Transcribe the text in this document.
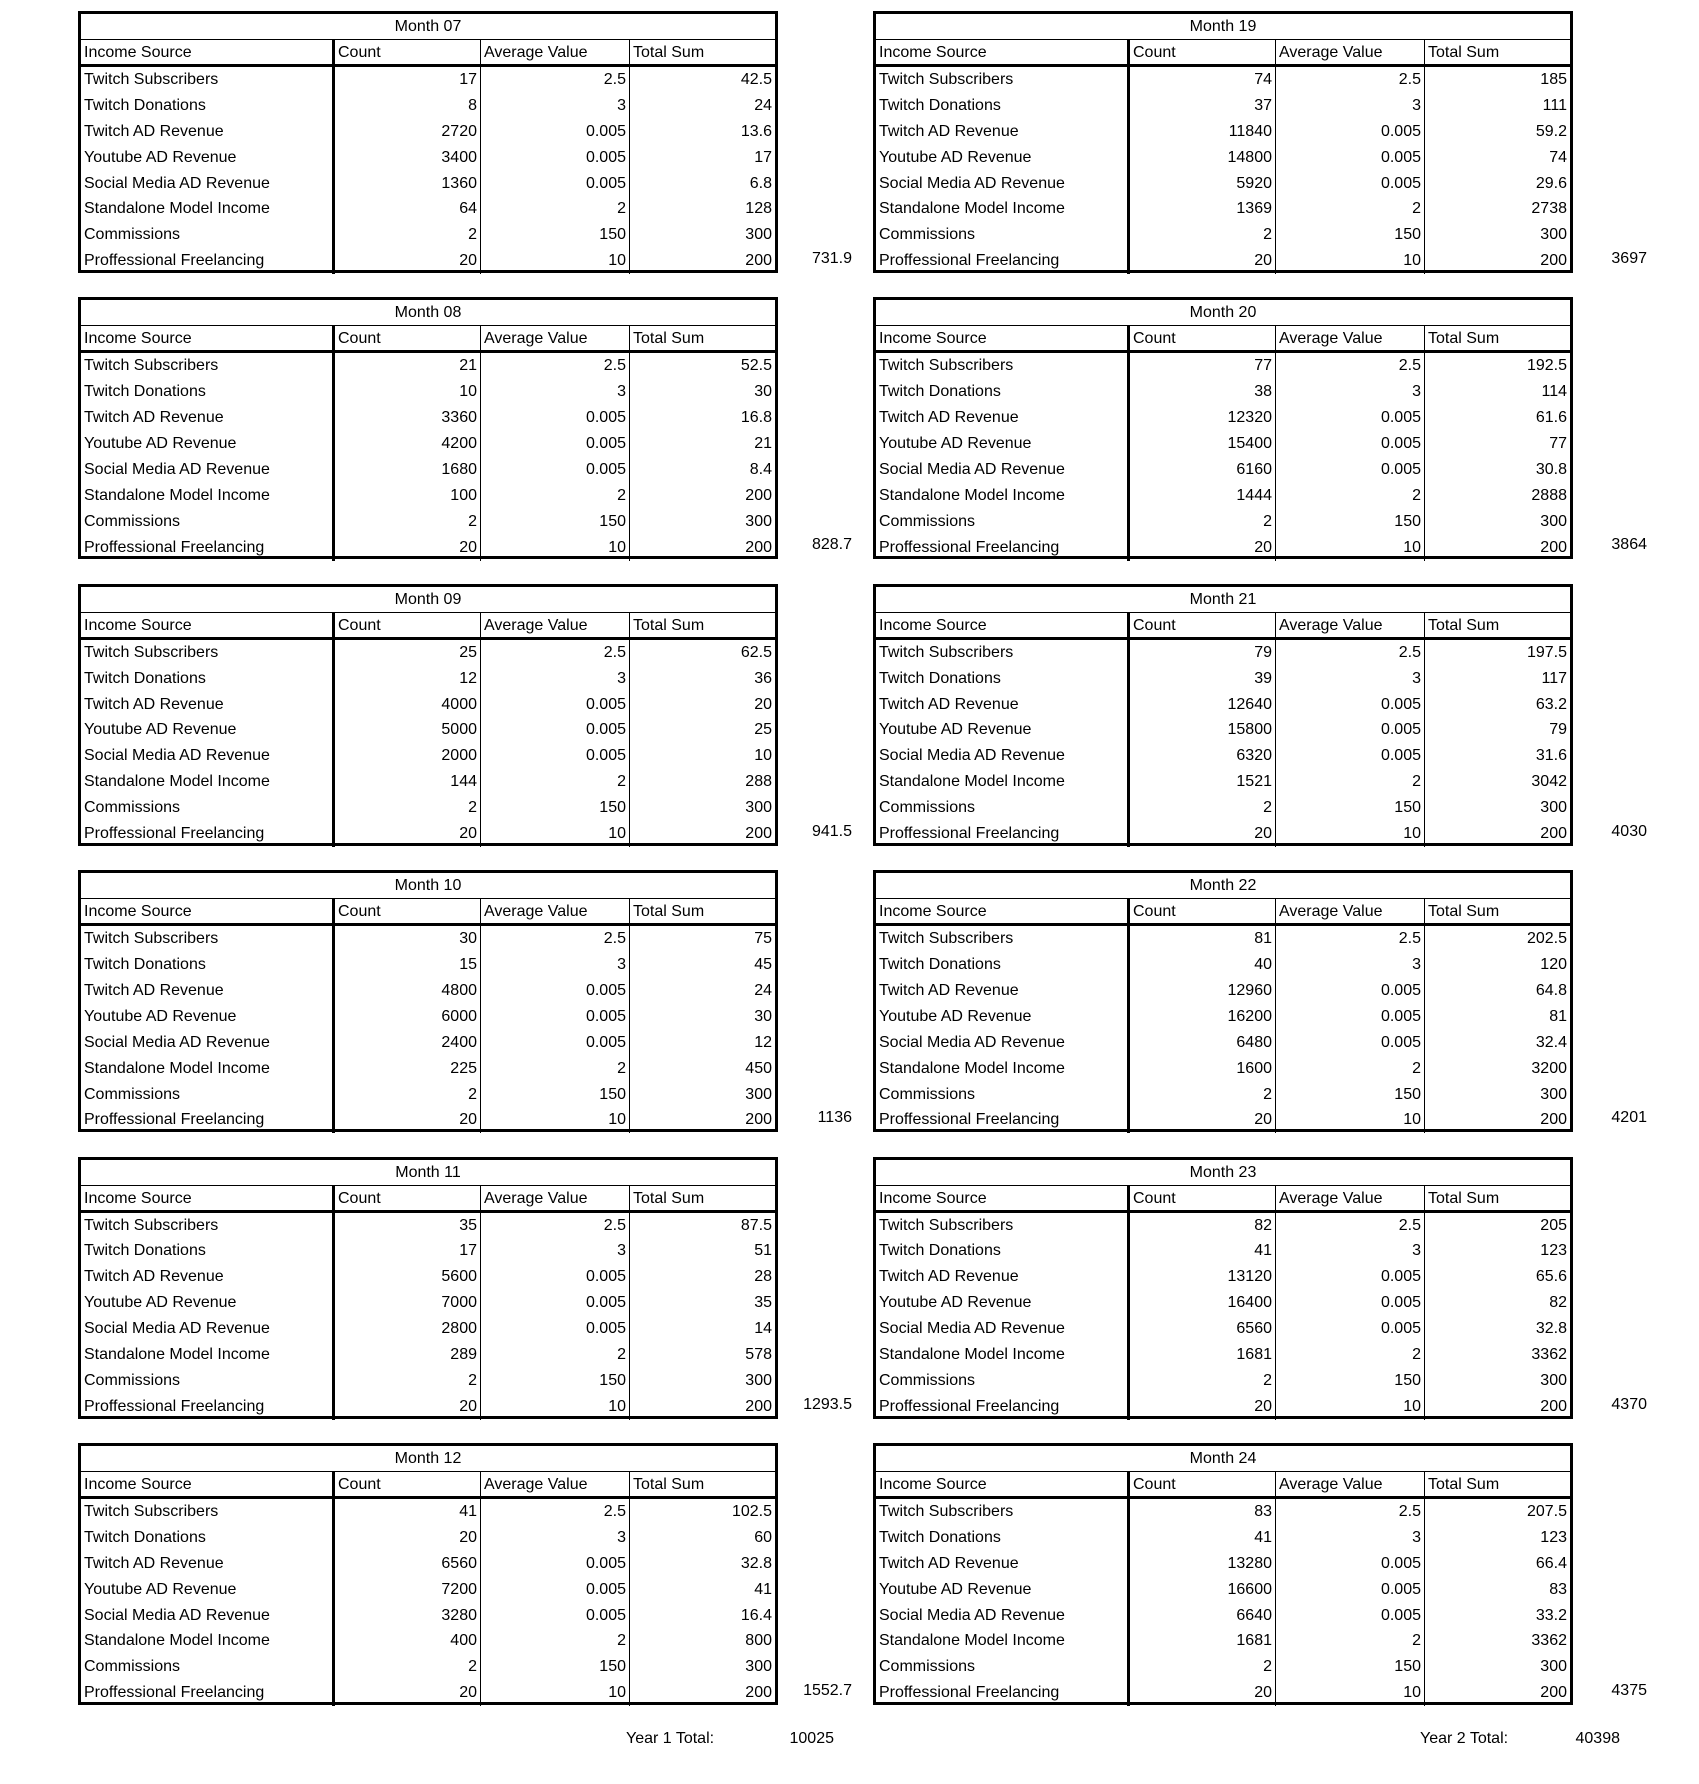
Month 07
Income Source	Count	Average Value	Total Sum
Twitch Subscribers	17	2.5	42.5
Twitch Donations	8	3	24
Twitch AD Revenue	2720	0.005	13.6
Youtube AD Revenue	3400	0.005	17
Social Media AD Revenue	1360	0.005	6.8
Standalone Model Income	64	2	128
Commissions	2	150	300
Proffessional Freelancing	20	10	200	731.9
Month 08
Income Source	Count	Average Value	Total Sum
Twitch Subscribers	21	2.5	52.5
Twitch Donations	10	3	30
Twitch AD Revenue	3360	0.005	16.8
Youtube AD Revenue	4200	0.005	21
Social Media AD Revenue	1680	0.005	8.4
Standalone Model Income	100	2	200
Commissions	2	150	300
Proffessional Freelancing	20	10	200	828.7
Month 09
Income Source	Count	Average Value	Total Sum
Twitch Subscribers	25	2.5	62.5
Twitch Donations	12	3	36
Twitch AD Revenue	4000	0.005	20
Youtube AD Revenue	5000	0.005	25
Social Media AD Revenue	2000	0.005	10
Standalone Model Income	144	2	288
Commissions	2	150	300
Proffessional Freelancing	20	10	200	941.5
Month 10
Income Source	Count	Average Value	Total Sum
Twitch Subscribers	30	2.5	75
Twitch Donations	15	3	45
Twitch AD Revenue	4800	0.005	24
Youtube AD Revenue	6000	0.005	30
Social Media AD Revenue	2400	0.005	12
Standalone Model Income	225	2	450
Commissions	2	150	300
Proffessional Freelancing	20	10	200	1136
Month 11
Income Source	Count	Average Value	Total Sum
Twitch Subscribers	35	2.5	87.5
Twitch Donations	17	3	51
Twitch AD Revenue	5600	0.005	28
Youtube AD Revenue	7000	0.005	35
Social Media AD Revenue	2800	0.005	14
Standalone Model Income	289	2	578
Commissions	2	150	300
Proffessional Freelancing	20	10	200	1293.5
Month 12
Income Source	Count	Average Value	Total Sum
Twitch Subscribers	41	2.5	102.5
Twitch Donations	20	3	60
Twitch AD Revenue	6560	0.005	32.8
Youtube AD Revenue	7200	0.005	41
Social Media AD Revenue	3280	0.005	16.4
Standalone Model Income	400	2	800
Commissions	2	150	300
Proffessional Freelancing	20	10	200	1552.7
Month 19
Income Source	Count	Average Value	Total Sum
Twitch Subscribers	74	2.5	185
Twitch Donations	37	3	111
Twitch AD Revenue	11840	0.005	59.2
Youtube AD Revenue	14800	0.005	74
Social Media AD Revenue	5920	0.005	29.6
Standalone Model Income	1369	2	2738
Commissions	2	150	300
Proffessional Freelancing	20	10	200	3697
Month 20
Income Source	Count	Average Value	Total Sum
Twitch Subscribers	77	2.5	192.5
Twitch Donations	38	3	114
Twitch AD Revenue	12320	0.005	61.6
Youtube AD Revenue	15400	0.005	77
Social Media AD Revenue	6160	0.005	30.8
Standalone Model Income	1444	2	2888
Commissions	2	150	300
Proffessional Freelancing	20	10	200	3864
Month 21
Income Source	Count	Average Value	Total Sum
Twitch Subscribers	79	2.5	197.5
Twitch Donations	39	3	117
Twitch AD Revenue	12640	0.005	63.2
Youtube AD Revenue	15800	0.005	79
Social Media AD Revenue	6320	0.005	31.6
Standalone Model Income	1521	2	3042
Commissions	2	150	300
Proffessional Freelancing	20	10	200	4030
Month 22
Income Source	Count	Average Value	Total Sum
Twitch Subscribers	81	2.5	202.5
Twitch Donations	40	3	120
Twitch AD Revenue	12960	0.005	64.8
Youtube AD Revenue	16200	0.005	81
Social Media AD Revenue	6480	0.005	32.4
Standalone Model Income	1600	2	3200
Commissions	2	150	300
Proffessional Freelancing	20	10	200	4201
Month 23
Income Source	Count	Average Value	Total Sum
Twitch Subscribers	82	2.5	205
Twitch Donations	41	3	123
Twitch AD Revenue	13120	0.005	65.6
Youtube AD Revenue	16400	0.005	82
Social Media AD Revenue	6560	0.005	32.8
Standalone Model Income	1681	2	3362
Commissions	2	150	300
Proffessional Freelancing	20	10	200	4370
Month 24
Income Source	Count	Average Value	Total Sum
Twitch Subscribers	83	2.5	207.5
Twitch Donations	41	3	123
Twitch AD Revenue	13280	0.005	66.4
Youtube AD Revenue	16600	0.005	83
Social Media AD Revenue	6640	0.005	33.2
Standalone Model Income	1681	2	3362
Commissions	2	150	300
Proffessional Freelancing	20	10	200	4375
Year 1 Total:	10025	Year 2 Total:	40398
